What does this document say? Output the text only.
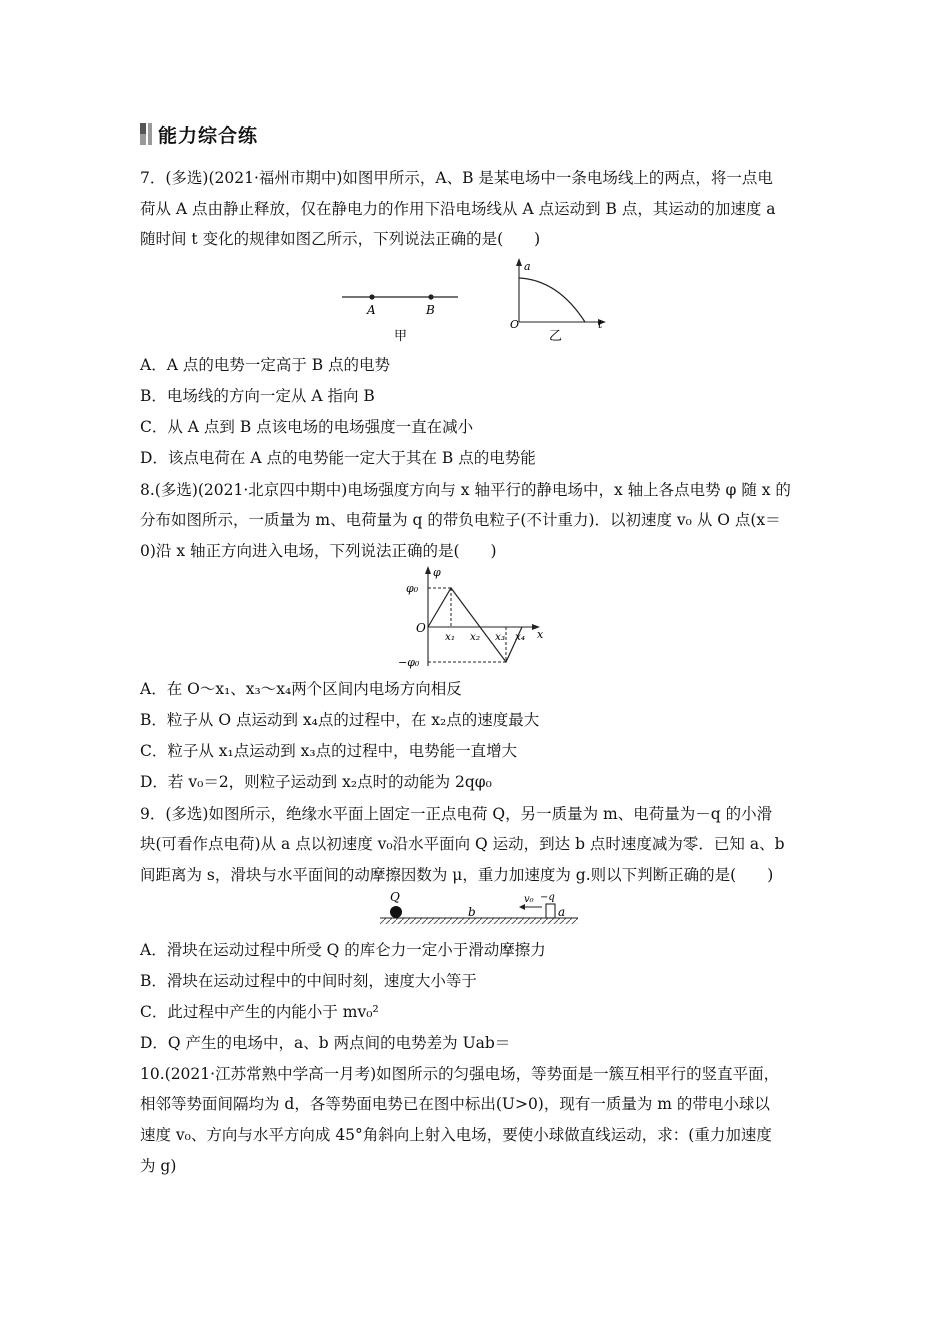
能力综合练
7．(多选)(2021·福州市期中)如图甲所示，A、B 是某电场中一条电场线上的两点，将一点电
荷从 A 点由静止释放，仅在静电力的作用下沿电场线从 A 点运动到 B 点，其运动的加速度 a
随时间 t 变化的规律如图乙所示，下列说法正确的是(　　)
A	B
甲
a
O	t
乙
A．A 点的电势一定高于 B 点的电势
B．电场线的方向一定从 A 指向 B
C．从 A 点到 B 点该电场的电场强度一直在减小
D．该点电荷在 A 点的电势能一定大于其在 B 点的电势能
8.(多选)(2021·北京四中期中)电场强度方向与 x 轴平行的静电场中，x 轴上各点电势 φ 随 x 的
分布如图所示，一质量为 m、电荷量为 q 的带负电粒子(不计重力)．以初速度 v₀ 从 O 点(x＝
0)沿 x 轴正方向进入电场，下列说法正确的是(　　)
φ
φ₀
−φ₀
O
x₁ x₂ x₃ x₄ x
A．在 O～x₁、x₃～x₄两个区间内电场方向相反
B．粒子从 O 点运动到 x₄点的过程中，在 x₂点的速度最大
C．粒子从 x₁点运动到 x₃点的过程中，电势能一直增大
D．若 v₀＝2，则粒子运动到 x₂点时的动能为 2qφ₀
9．(多选)如图所示，绝缘水平面上固定一正点电荷 Q，另一质量为 m、电荷量为－q 的小滑
块(可看作点电荷)从 a 点以初速度 v₀沿水平面向 Q 运动，到达 b 点时速度减为零．已知 a、b
间距离为 s，滑块与水平面间的动摩擦因数为 μ，重力加速度为 g.则以下判断正确的是(　　)
Q
b
v₀ −q
a
A．滑块在运动过程中所受 Q 的库仑力一定小于滑动摩擦力
B．滑块在运动过程中的中间时刻，速度大小等于
C．此过程中产生的内能小于 mv₀²
D．Q 产生的电场中，a、b 两点间的电势差为 Uab＝
10.(2021·江苏常熟中学高一月考)如图所示的匀强电场，等势面是一簇互相平行的竖直平面，
相邻等势面间隔均为 d，各等势面电势已在图中标出(U>0)，现有一质量为 m 的带电小球以
速度 v₀、方向与水平方向成 45°角斜向上射入电场，要使小球做直线运动，求：(重力加速度
为 g)
